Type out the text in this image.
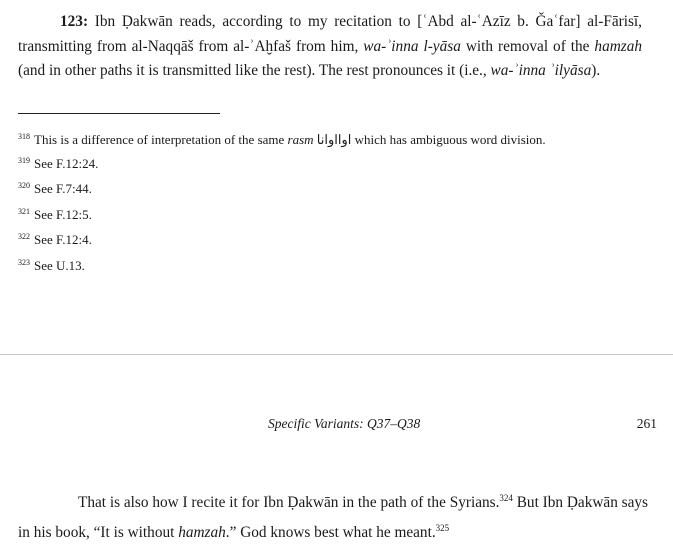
123: Ibn Ḍakwān reads, according to my recitation to [ʿAbd al-ʿAzīz b. Ǧaʿfar] al-Fārisī, transmitting from al-Naqqāš from al-ʾAḫfaš from him, wa-ʾinna l-yāsa with removal of the hamzah (and in other paths it is transmitted like the rest). The rest pronounces it (i.e., wa-ʾinna ʾilyāsa).

$^{318}$ This is a difference of interpretation of the same rasm اوااوانا which has ambiguous word division.
$^{319}$ See F.12:24.
$^{320}$ See F.7:44.
$^{321}$ See F.12:5.
$^{322}$ See F.12:4.
$^{323}$ See U.13.
Specific Variants: Q37–Q38	261

That is also how I recite it for Ibn Ḍakwān in the path of the Syrians.$^{324}$ But Ibn Ḍakwān says in his book, “It is without hamzah.” God knows best what he meant.$^{325}$
